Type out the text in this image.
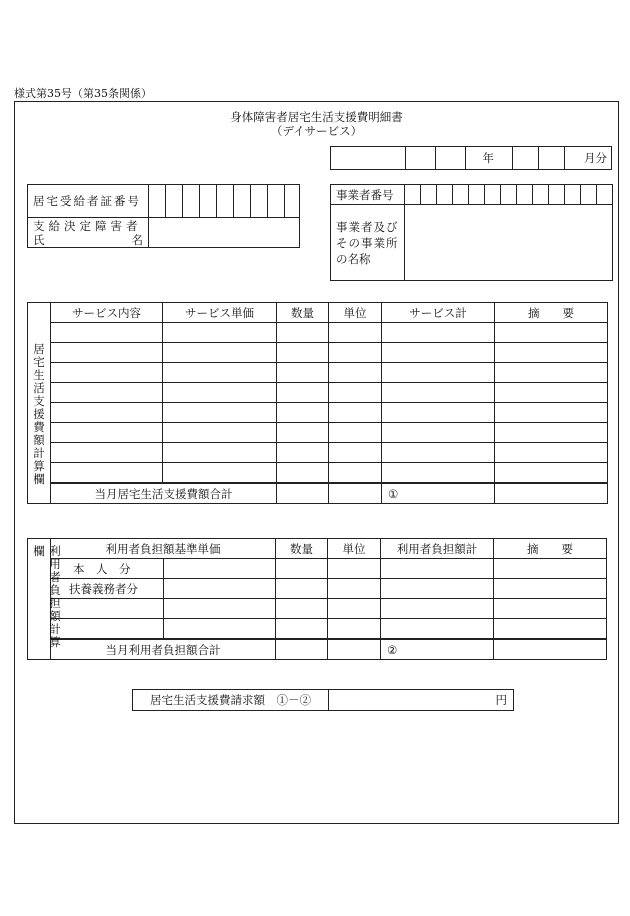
様式第35号（第35条関係）
身体障害者居宅生活支援費明細書
（デイサービス）
			年			月分
居宅受給者証番号									

支給決定障害者
氏 名									

事業者番号													

事業者及び
その事業所
の名称													

居宅生活支援費額計算欄	サービス内容	サービス単価	数量	単位	サービス計	摘　　要

	当月居宅生活支援費額合計				①	
利用者負担額計算欄	利用者負担額基準単価		数量	単位	利用者負担額計	摘　　要
	本　人　分					
	扶養義務者分					

	当月利用者負担額合計				②	
居宅生活支援費請求額　①－②	円
